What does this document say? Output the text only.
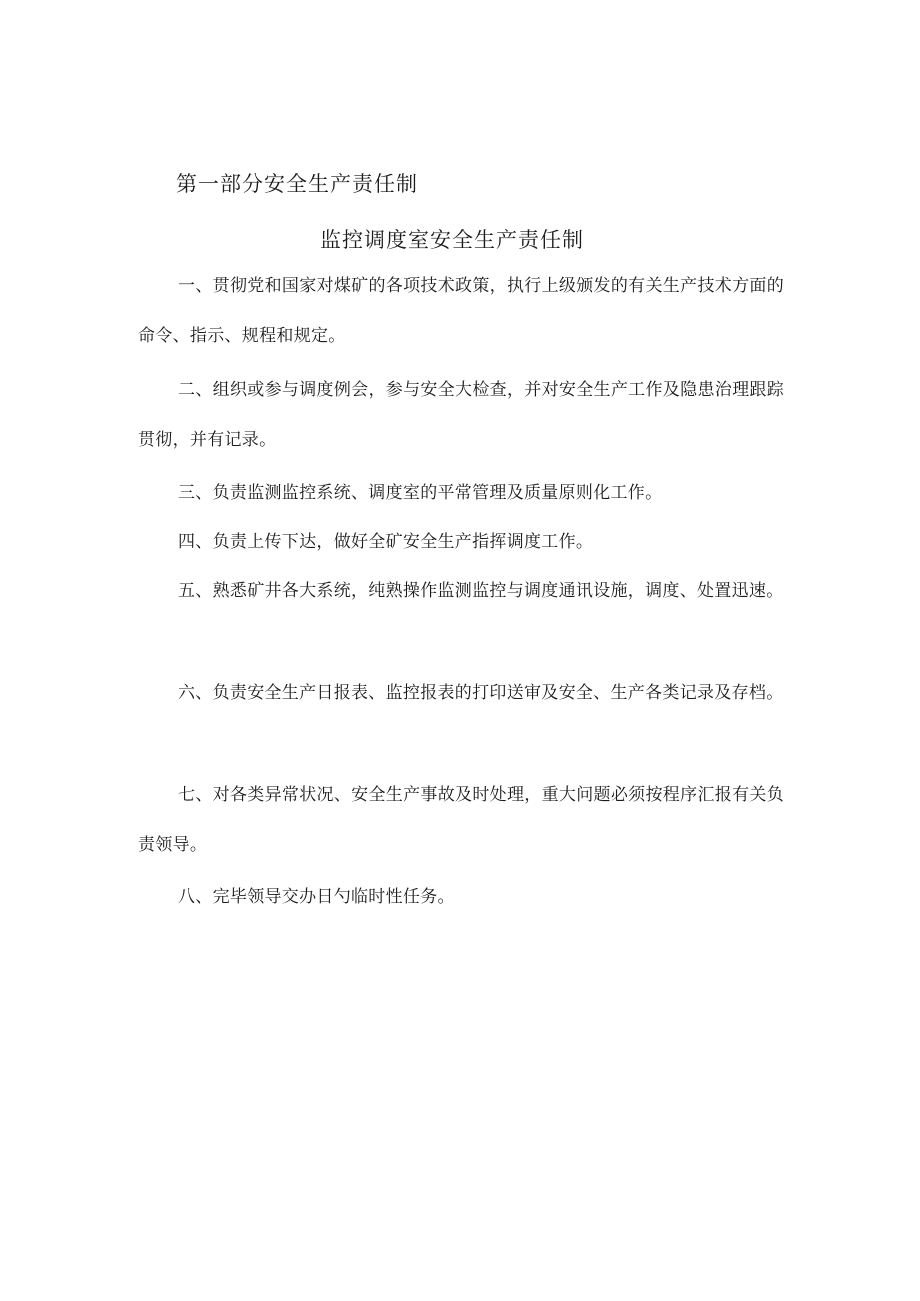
第一部分安全生产责任制
监控调度室安全生产责任制

一、贯彻党和国家对煤矿的各项技术政策，执行上级颁发的有关生产技术方面的命令、指示、规程和规定。

二、组织或参与调度例会，参与安全大检查，并对安全生产工作及隐患治理跟踪贯彻，并有记录。

三、负责监测监控系统、调度室的平常管理及质量原则化工作。

四、负责上传下达，做好全矿安全生产指挥调度工作。

五、熟悉矿井各大系统，纯熟操作监测监控与调度通讯设施，调度、处置迅速。

六、负责安全生产日报表、监控报表的打印送审及安全、生产各类记录及存档。

七、对各类异常状况、安全生产事故及时处理，重大问题必须按程序汇报有关负责领导。

八、完毕领导交办日勺临时性任务。
